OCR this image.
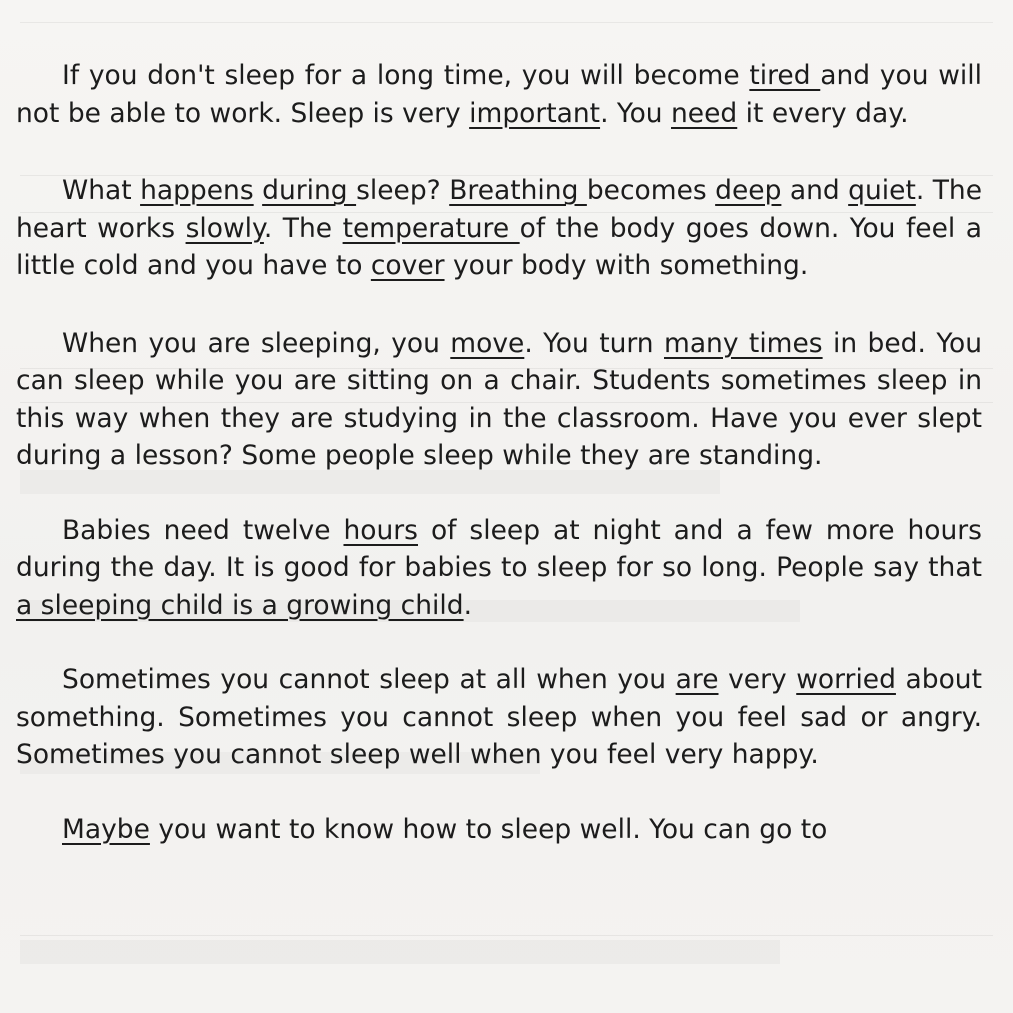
If you don't sleep for a long time, you will become tired and you will not be able to work. Sleep is very important. You need it every day.

What happens during sleep? Breathing becomes deep and quiet. The heart works slowly. The temperature of the body goes down. You feel a little cold and you have to cover your body with something.

When you are sleeping, you move. You turn many times in bed. You can sleep while you are sitting on a chair. Students sometimes sleep in this way when they are studying in the classroom. Have you ever slept during a lesson? Some people sleep while they are standing.

Babies need twelve hours of sleep at night and a few more hours during the day. It is good for babies to sleep for so long. People say that a sleeping child is a growing child.

Sometimes you cannot sleep at all when you are very worried about something. Sometimes you cannot sleep when you feel sad or angry. Sometimes you cannot sleep well when you feel very happy.

Maybe you want to know how to sleep well. You can go to
